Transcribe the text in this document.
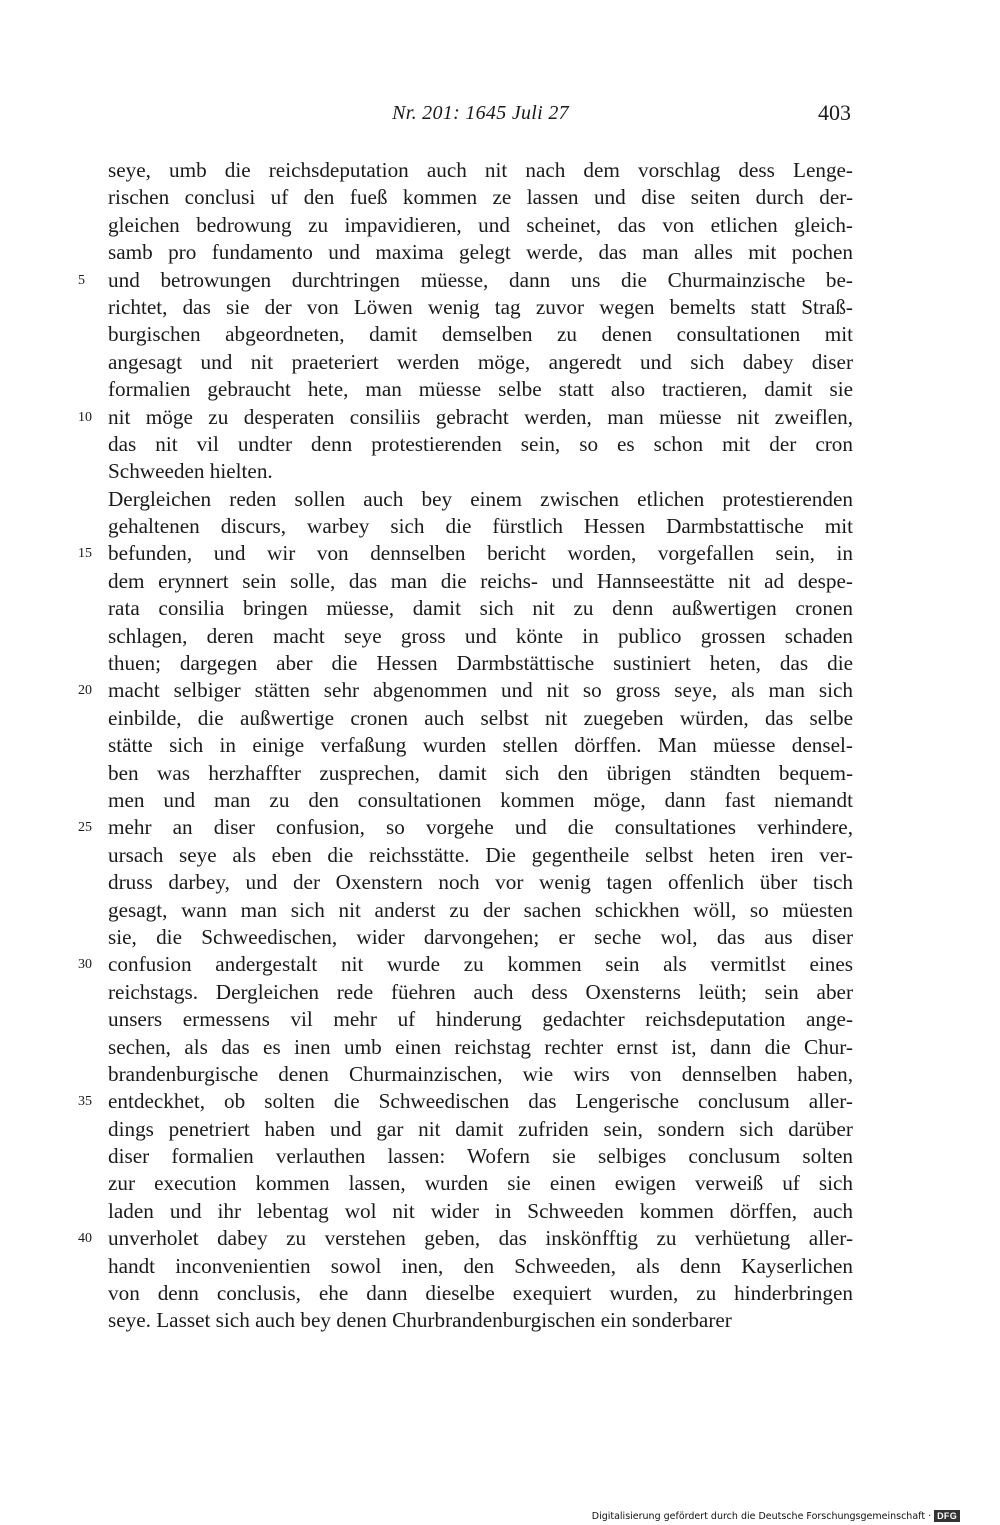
Nr. 201: 1645 Juli 27	403
seye, umb die reichsdeputation auch nit nach dem vorschlag dess Lenge-
rischen conclusi uf den fueß kommen ze lassen und dise seiten durch der-
gleichen bedrowung zu impavidieren, und scheinet, das von etlichen gleich-
samb pro fundamento und maxima gelegt werde, das man alles mit pochen
5	und betrowungen durchtringen müesse, dann uns die Churmainzische be-
richtet, das sie der von Löwen wenig tag zuvor wegen bemelts statt Straß-
burgischen abgeordneten, damit demselben zu denen consultationen mit
angesagt und nit praeteriert werden möge, angeredt und sich dabey diser
formalien gebraucht hete, man müesse selbe statt also tractieren, damit sie
10 nit möge zu desperaten consiliis gebracht werden, man müesse nit zweiflen,
das nit vil undter denn protestierenden sein, so es schon mit der cron
Schweeden hielten.
Dergleichen reden sollen auch bey einem zwischen etlichen protestierenden
gehaltenen discurs, warbey sich die fürstlich Hessen Darmbstattische mit
15 befunden, und wir von dennselben bericht worden, vorgefallen sein, in
dem erynnert sein solle, das man die reichs- und Hannseestätte nit ad despe-
rata consilia bringen müesse, damit sich nit zu denn außwertigen cronen
schlagen, deren macht seye gross und könte in publico grossen schaden
thuen; dargegen aber die Hessen Darmbstättische sustiniert heten, das die
20 macht selbiger stätten sehr abgenommen und nit so gross seye, als man sich
einbilde, die außwertige cronen auch selbst nit zuegeben würden, das selbe
stätte sich in einige verfaßung wurden stellen dörffen. Man müesse densel-
ben was herzhaffter zusprechen, damit sich den übrigen ständten bequem-
men und man zu den consultationen kommen möge, dann fast niemandt
25 mehr an diser confusion, so vorgehe und die consultationes verhindere,
ursach seye als eben die reichsstätte. Die gegentheile selbst heten iren ver-
druss darbey, und der Oxenstern noch vor wenig tagen offenlich über tisch
gesagt, wann man sich nit anderst zu der sachen schickhen wöll, so müesten
sie, die Schweedischen, wider darvongehen; er seche wol, das aus diser
30 confusion andergestalt nit wurde zu kommen sein als vermitlst eines
reichstags. Dergleichen rede füehren auch dess Oxensterns leüth; sein aber
unsers ermessens vil mehr uf hinderung gedachter reichsdeputation ange-
sechen, als das es inen umb einen reichstag rechter ernst ist, dann die Chur-
brandenburgische denen Churmainzischen, wie wirs von dennselben haben,
35 entdeckhet, ob solten die Schweedischen das Lengerische conclusum aller-
dings penetriert haben und gar nit damit zufriden sein, sondern sich darüber
diser formalien verlauthen lassen: Wofern sie selbiges conclusum solten
zur execution kommen lassen, wurden sie einen ewigen verweiß uf sich
laden und ihr lebentag wol nit wider in Schweeden kommen dörffen, auch
40 unverholet dabey zu verstehen geben, das inskönfftig zu verhüetung aller-
handt inconvenientien sowol inen, den Schweeden, als denn Kayserlichen
von denn conclusis, ehe dann dieselbe exequiert wurden, zu hinderbringen
seye. Lasset sich auch bey denen Churbrandenburgischen ein sonderbarer
Digitalisierung gefördert durch die Deutsche Forschungsgemeinschaft · DFG
